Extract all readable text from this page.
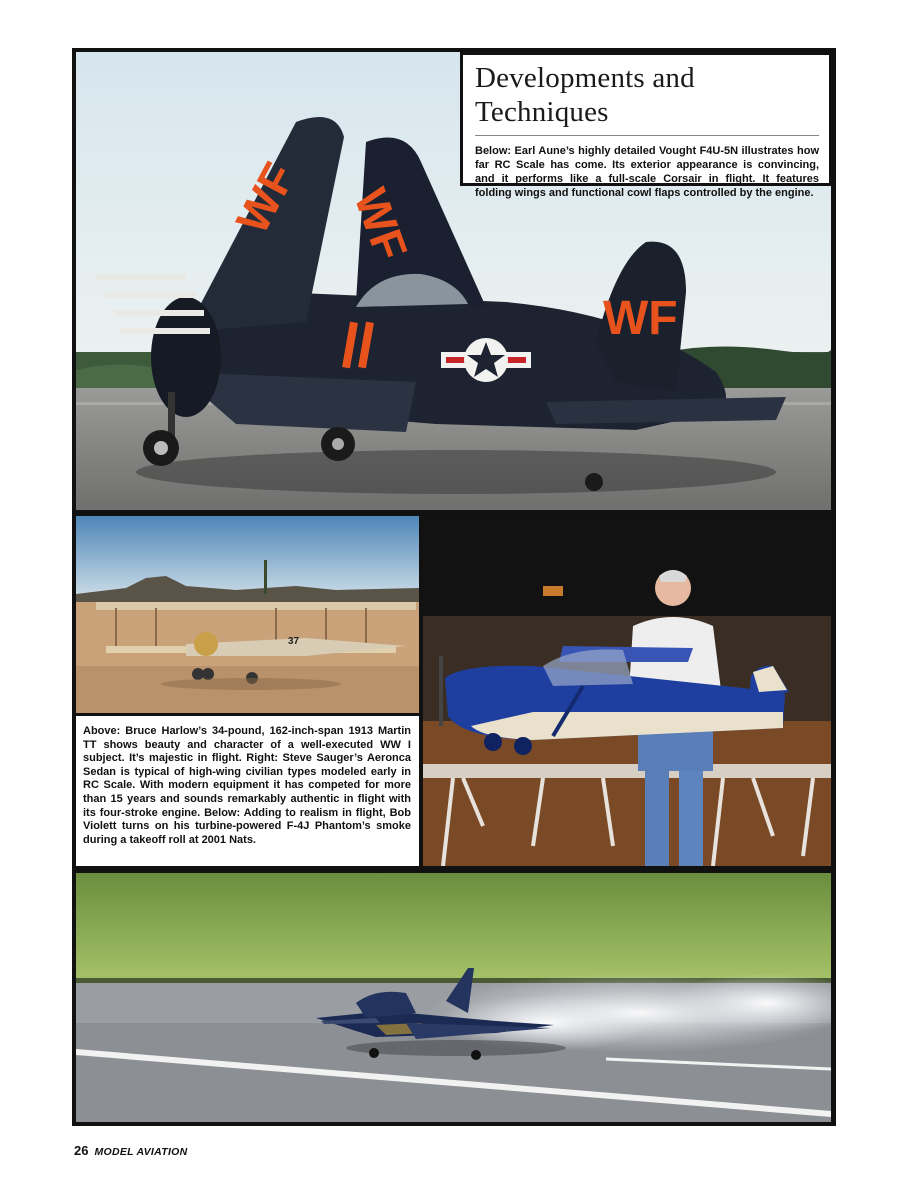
WF WF
WF
37
Developments and Techniques

Below: Earl Aune’s highly detailed Vought F4U-5N illustrates how far RC Scale has come. Its exterior appearance is convincing, and it performs like a full-scale Corsair in flight. It features folding wings and functional cowl flaps controlled by the engine.

Above: Bruce Harlow’s 34-pound, 162-inch-span 1913 Martin TT shows beauty and character of a well-executed WW I subject. It’s majestic in flight. Right: Steve Sauger’s Aeronca Sedan is typical of high-wing civilian types modeled early in RC Scale. With modern equipment it has competed for more than 15 years and sounds remarkably authentic in flight with its four-stroke engine. Below: Adding to realism in flight, Bob Violett turns on his turbine-powered F-4J Phantom’s smoke during a takeoff roll at 2001 Nats.

26 MODEL AVIATION
